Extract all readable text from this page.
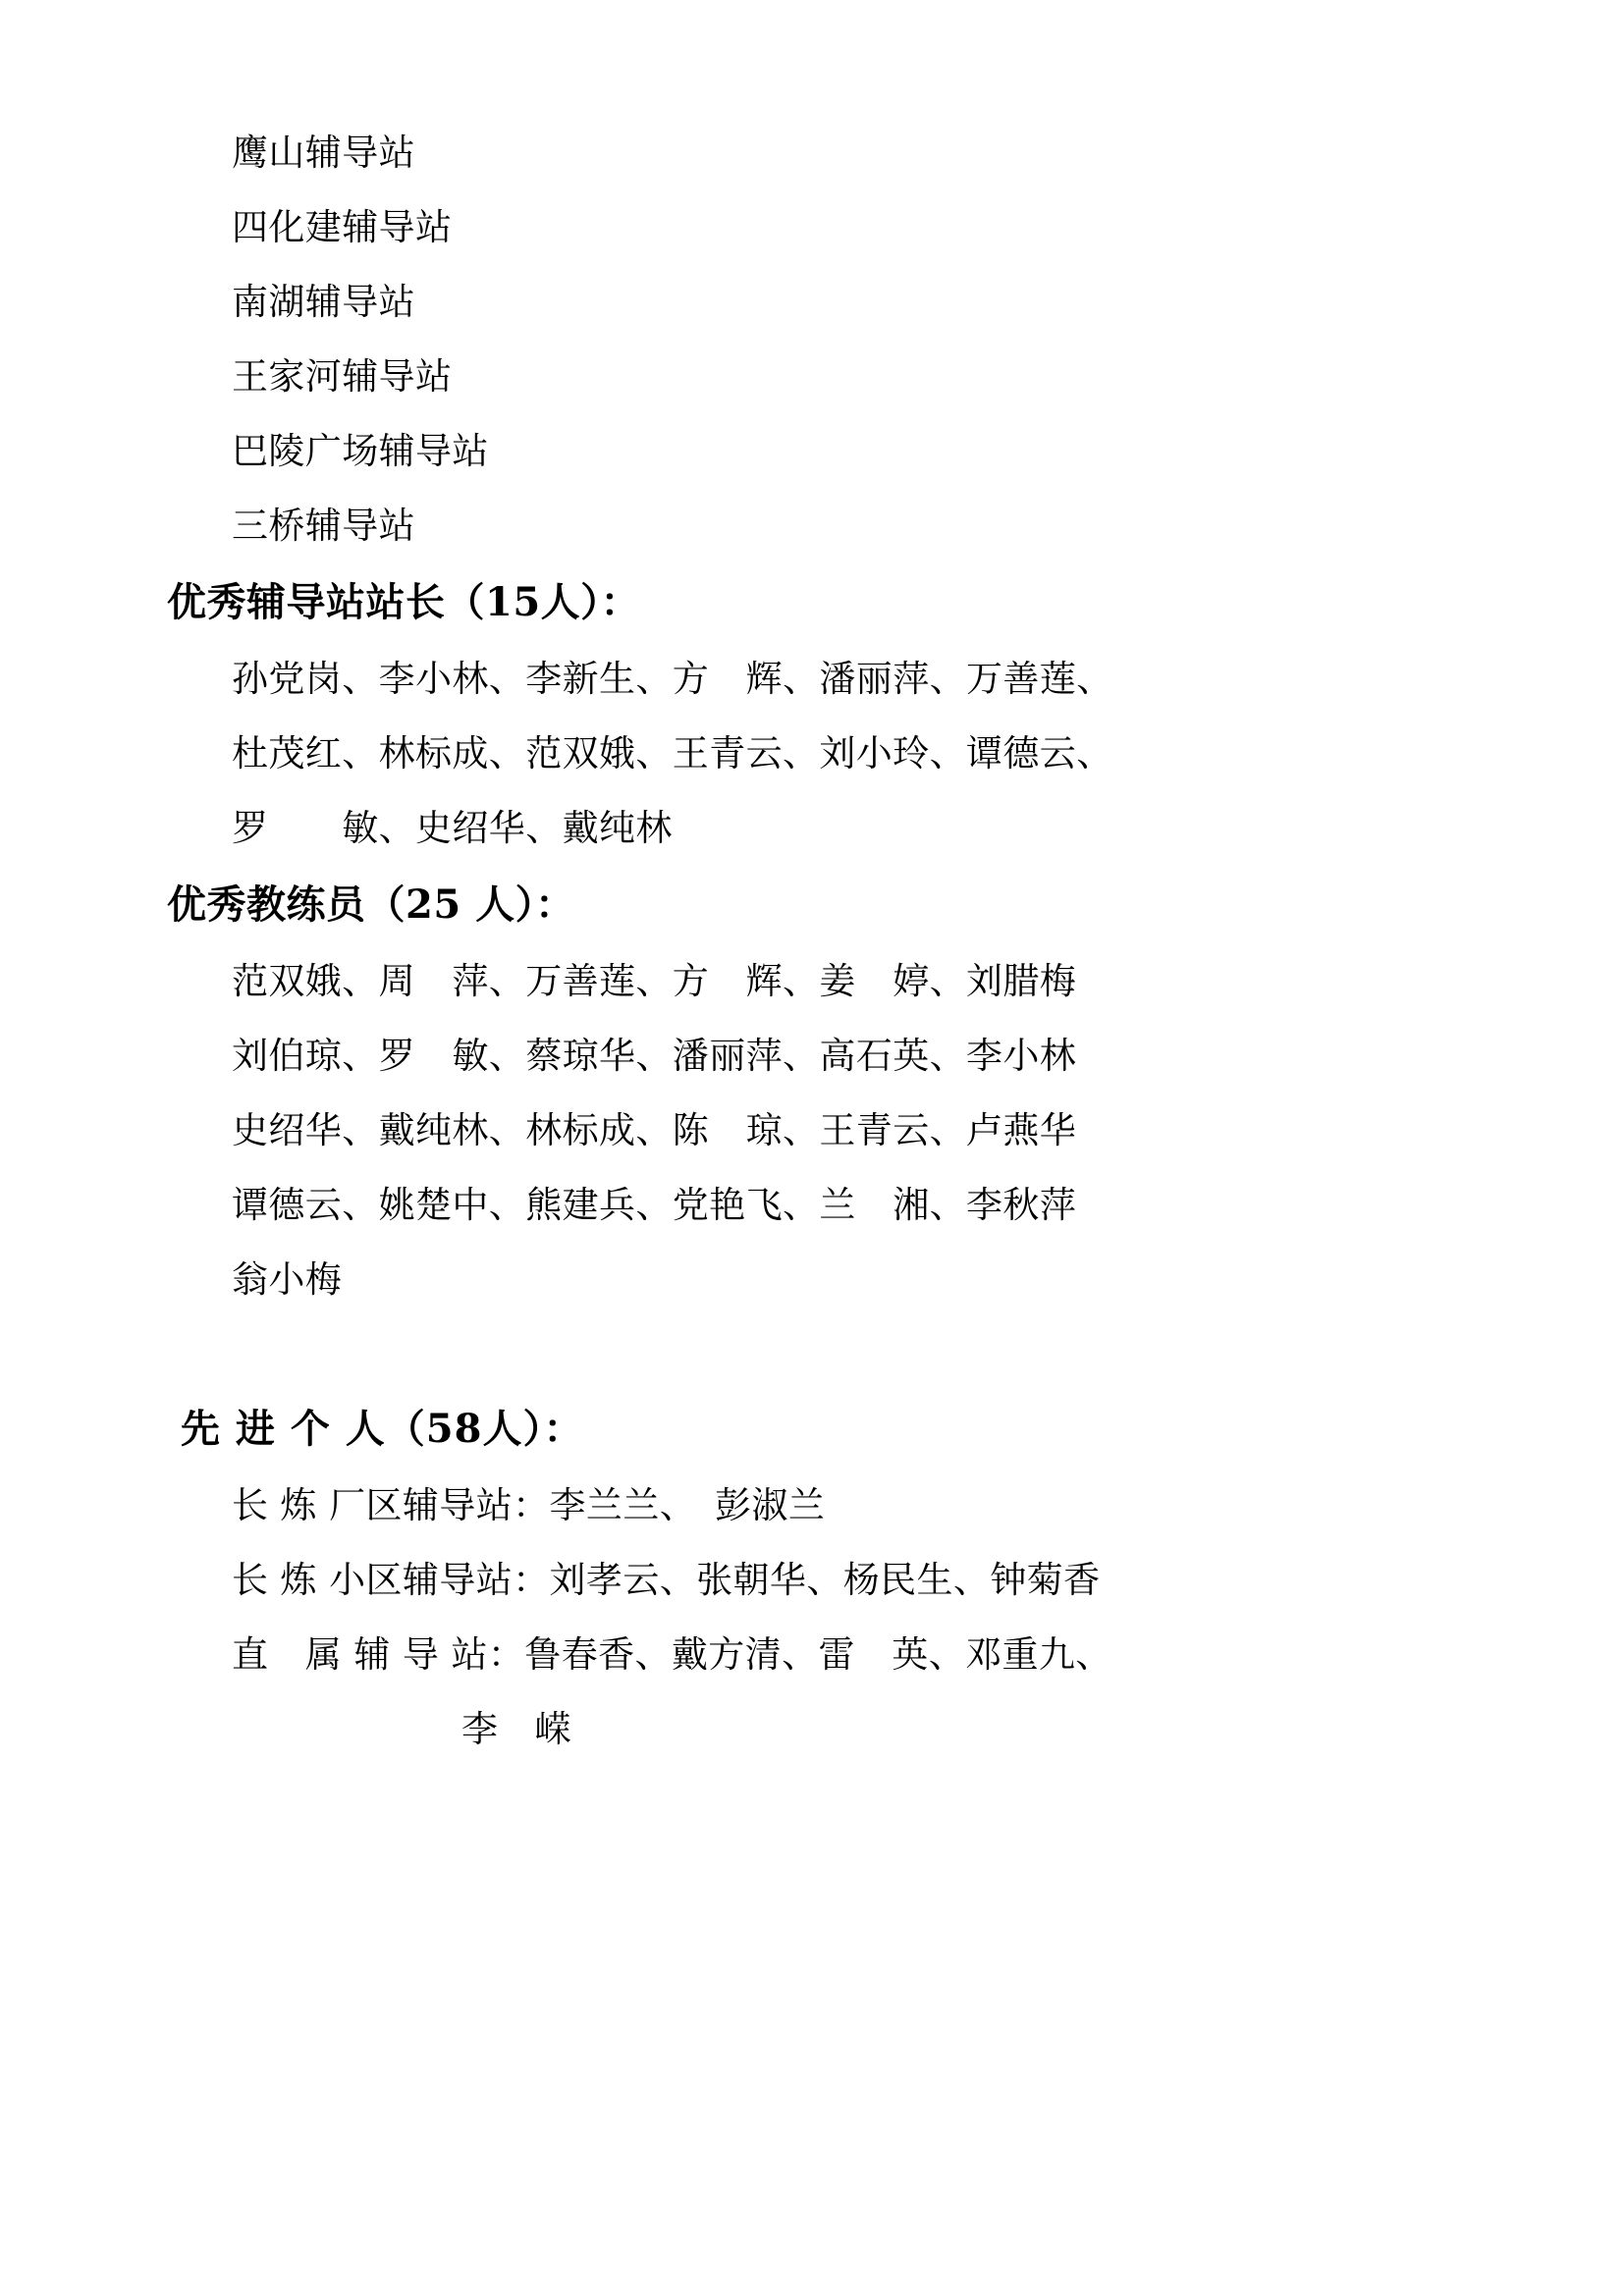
鹰山辅导站
四化建辅导站
南湖辅导站
王家河辅导站
巴陵广场辅导站
三桥辅导站
优秀辅导站站长（15人）：
孙党岗、李小林、李新生、方　辉、潘丽萍、万善莲、
杜茂红、林标成、范双娥、王青云、刘小玲、谭德云、
罗　　敏、史绍华、戴纯林
优秀教练员（25 人）：
范双娥、周　萍、万善莲、方　辉、姜　婷、刘腊梅
刘伯琼、罗　敏、蔡琼华、潘丽萍、高石英、李小林
史绍华、戴纯林、林标成、陈　琼、王青云、卢燕华
谭德云、姚楚中、熊建兵、党艳飞、兰　湘、李秋萍
翁小梅
先 进 个 人（58人）：
长 炼 厂区辅导站：李兰兰、　彭淑兰
长 炼 小区辅导站：刘孝云、张朝华、杨民生、钟菊香
直　属 辅 导 站：鲁春香、戴方清、雷　英、邓重九、
李　嵘
